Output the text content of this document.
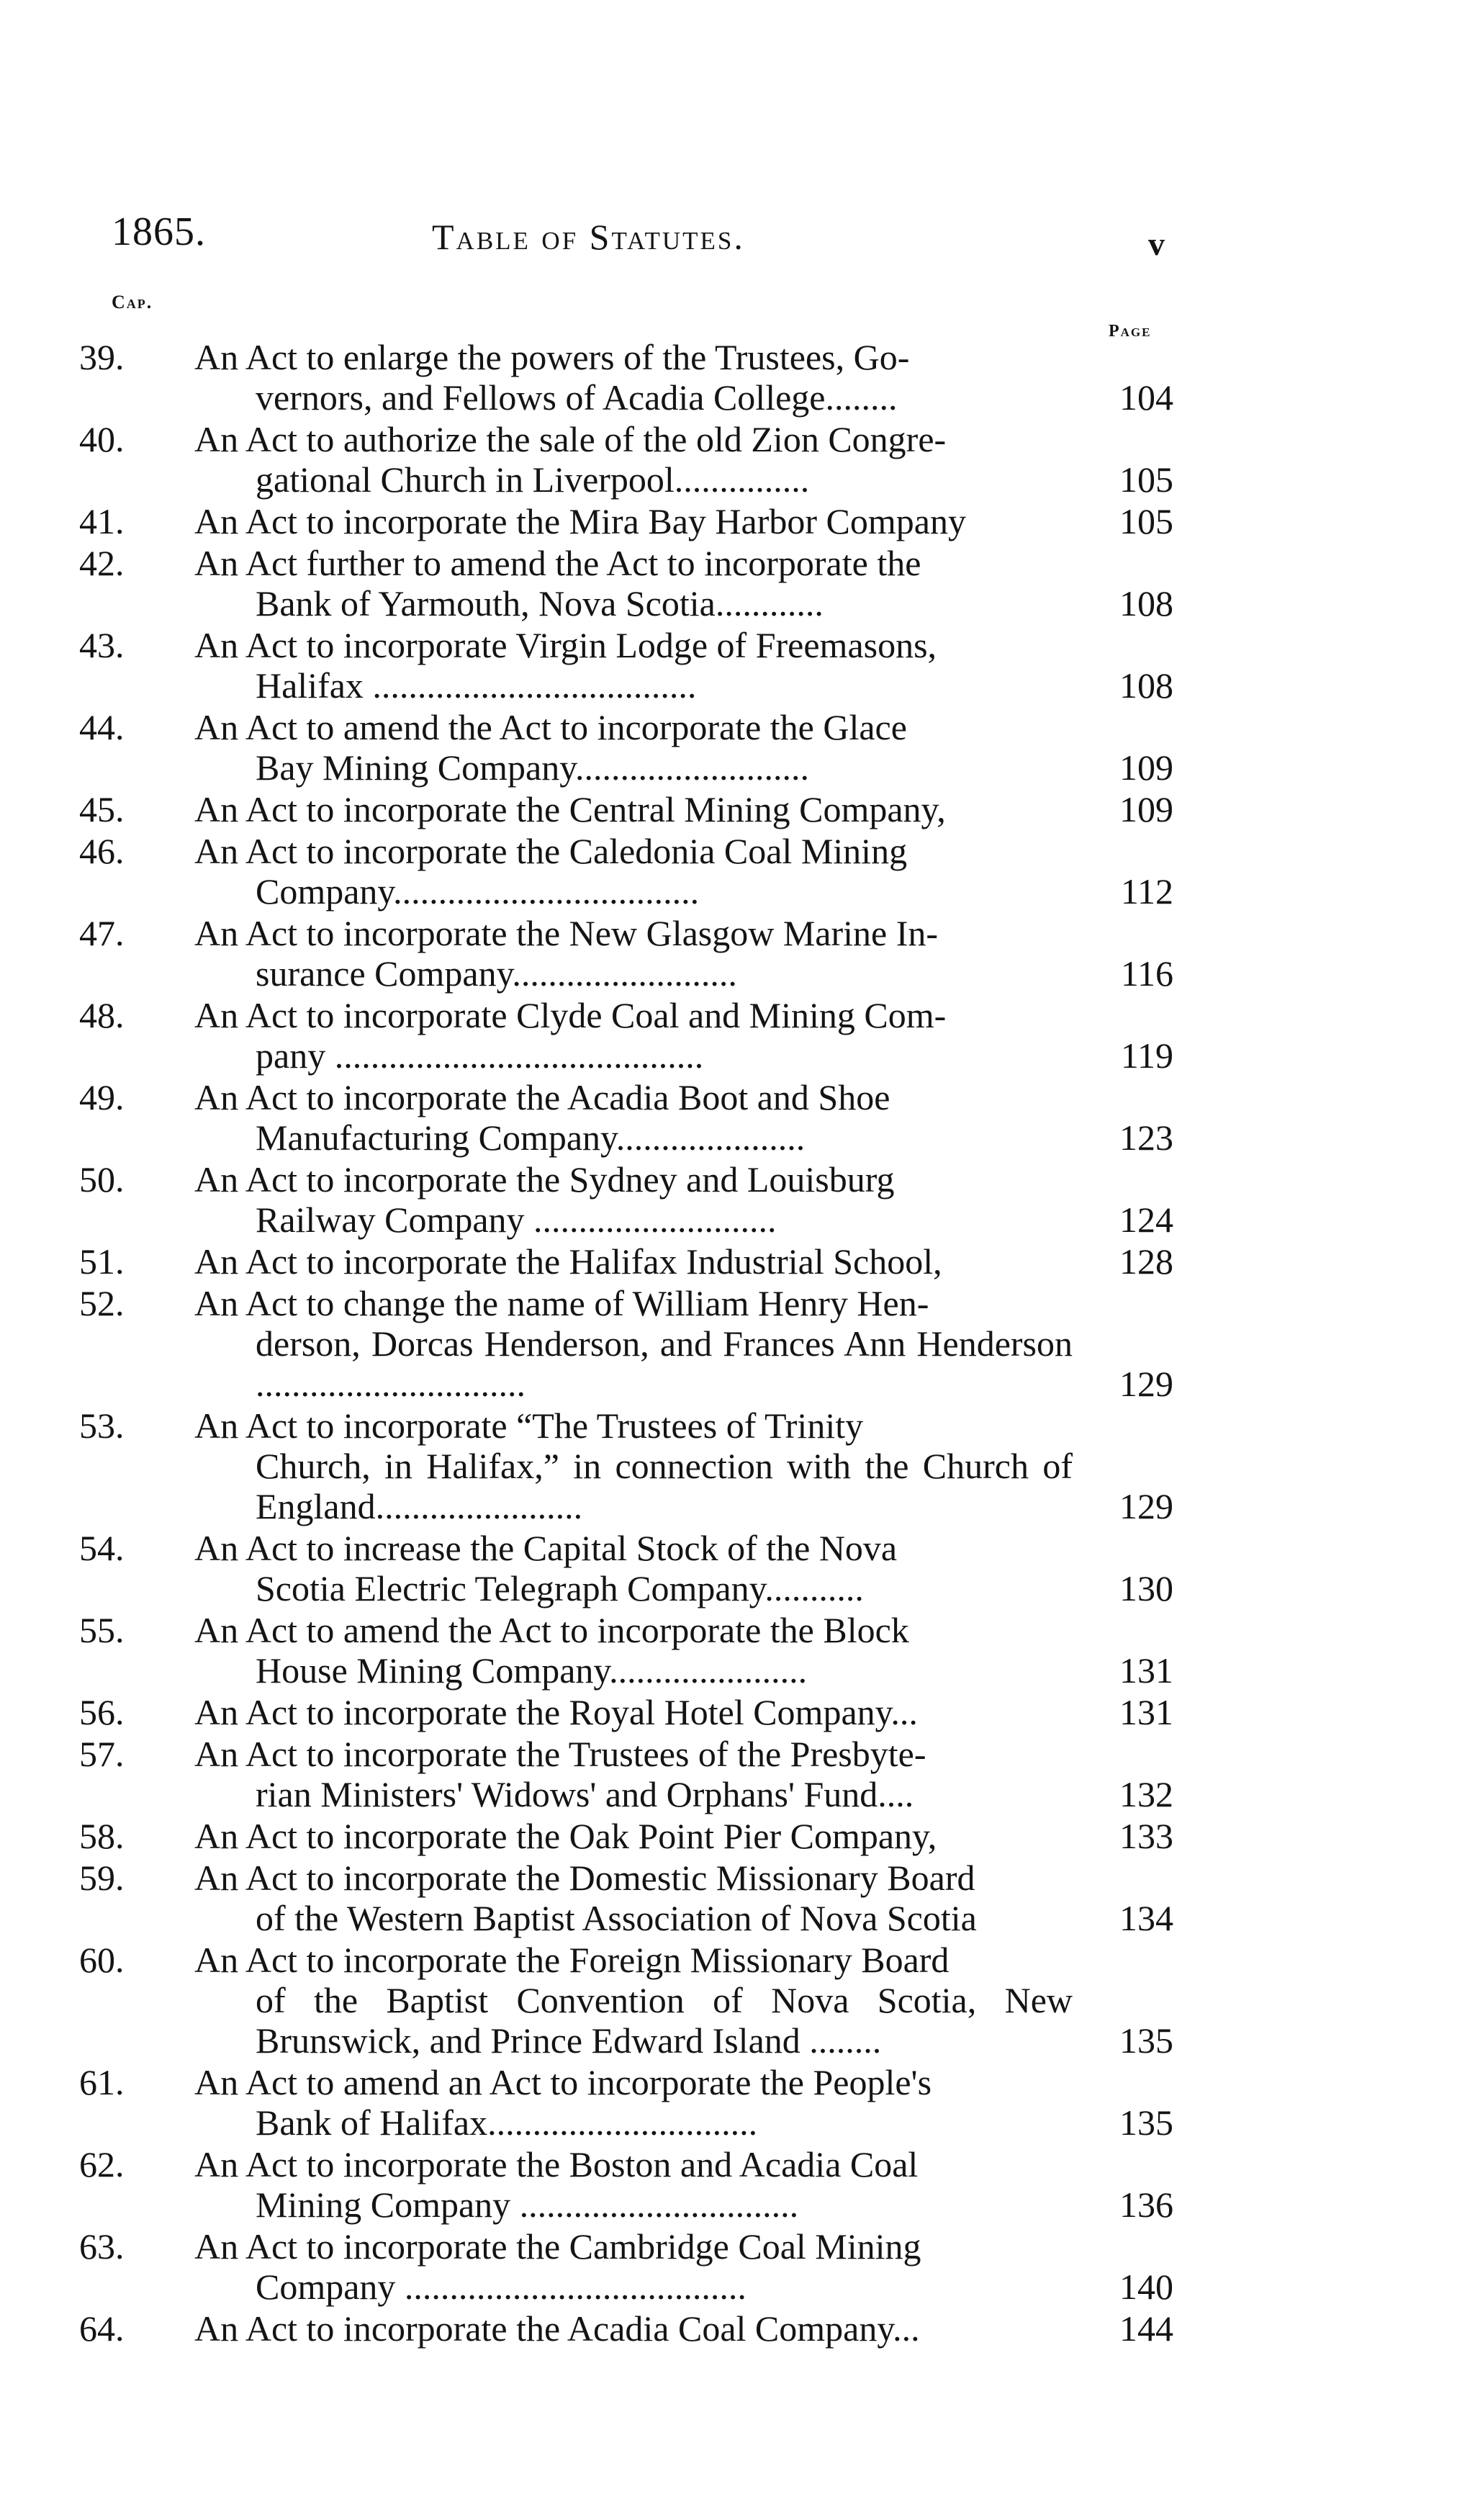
1865.	Table of Statutes.	v
Cap.
Page
39.	An Act to enlarge the powers of the Trustees, Go-
vernors, and Fellows of Acadia College........	104
40.	An Act to authorize the sale of the old Zion Congre-
gational Church in Liverpool...............	105
41.	An Act to incorporate the Mira Bay Harbor Company	105
42.	An Act further to amend the Act to incorporate the
Bank of Yarmouth, Nova Scotia............	108
43.	An Act to incorporate Virgin Lodge of Freemasons,
Halifax ....................................	108
44.	An Act to amend the Act to incorporate the Glace
Bay Mining Company..........................	109
45.	An Act to incorporate the Central Mining Company,	109
46.	An Act to incorporate the Caledonia Coal Mining
Company..................................	112
47.	An Act to incorporate the New Glasgow Marine In-
surance Company.........................	116
48.	An Act to incorporate Clyde Coal and Mining Com-
pany .........................................	119
49.	An Act to incorporate the Acadia Boot and Shoe
Manufacturing Company.....................	123
50.	An Act to incorporate the Sydney and Louisburg
Railway Company ...........................	124
51.	An Act to incorporate the Halifax Industrial School,	128
52.	An Act to change the name of William Henry Hen-
derson, Dorcas Henderson, and Frances Ann Henderson ..............................	129
53.	An Act to incorporate “The Trustees of Trinity
Church, in Halifax,” in connection with the Church of England.......................	129
54.	An Act to increase the Capital Stock of the Nova
Scotia Electric Telegraph Company...........	130
55.	An Act to amend the Act to incorporate the Block
House Mining Company......................	131
56.	An Act to incorporate the Royal Hotel Company...	131
57.	An Act to incorporate the Trustees of the Presbyte-
rian Ministers' Widows' and Orphans' Fund....	132
58.	An Act to incorporate the Oak Point Pier Company,	133
59.	An Act to incorporate the Domestic Missionary Board
of the Western Baptist Association of Nova Scotia	134
60.	An Act to incorporate the Foreign Missionary Board
of the Baptist Convention of Nova Scotia, New Brunswick, and Prince Edward Island ........	135
61.	An Act to amend an Act to incorporate the People's
Bank of Halifax..............................	135
62.	An Act to incorporate the Boston and Acadia Coal
Mining Company ...............................	136
63.	An Act to incorporate the Cambridge Coal Mining
Company ......................................	140
64.	An Act to incorporate the Acadia Coal Company...	144
